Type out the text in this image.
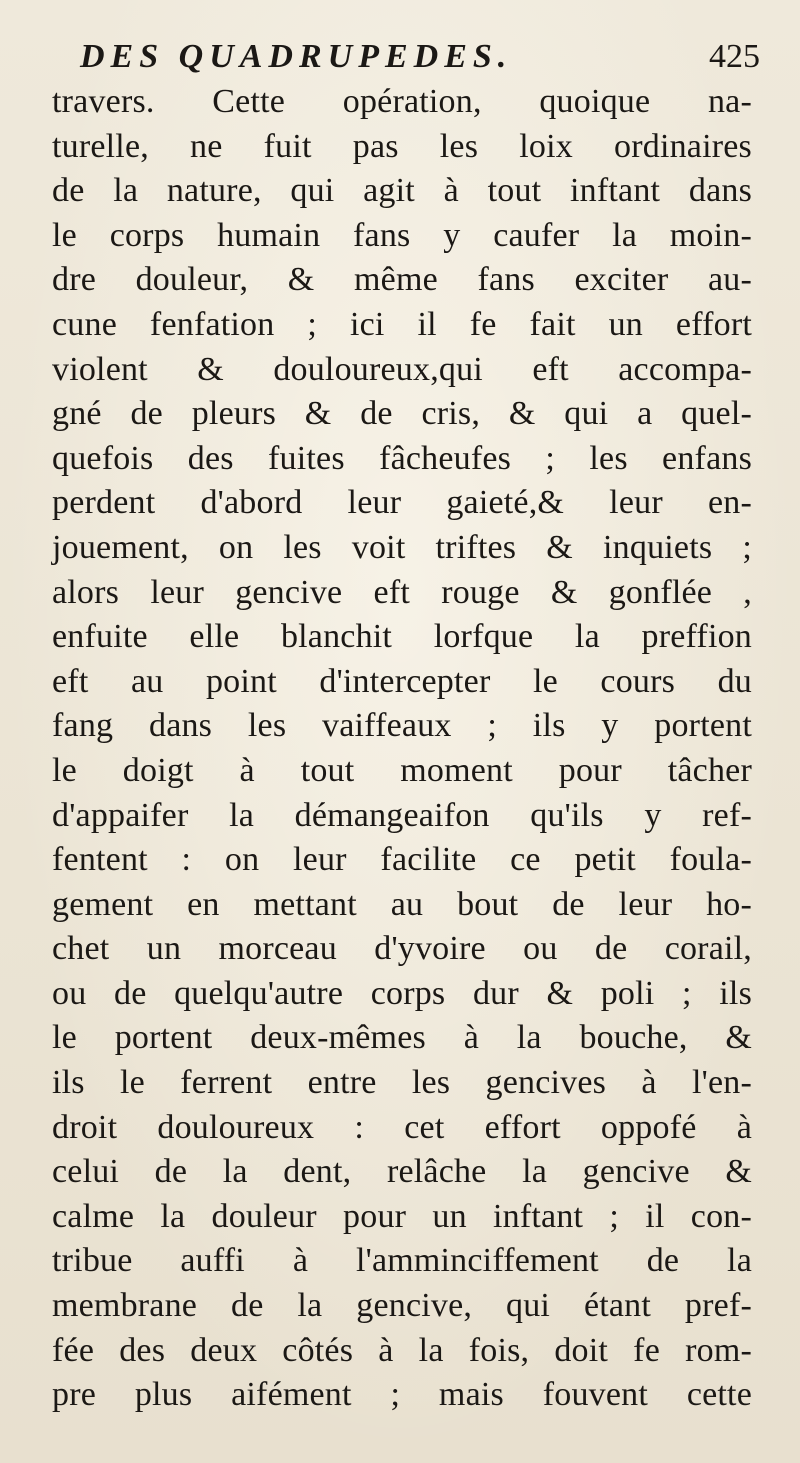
DES QUADRUPEDES.	425
travers. Cette opération, quoique na-
turelle, ne fuit pas les loix ordinaires
de la nature, qui agit à tout inftant dans
le corps humain fans y caufer la moin-
dre douleur, & même fans exciter au-
cune fenfation ; ici il fe fait un effort
violent & douloureux,qui eft accompa-
gné de pleurs & de cris, & qui a quel-
quefois des fuites fâcheufes ; les enfans
perdent d'abord leur gaieté,& leur en-
jouement, on les voit triftes & inquiets ;
alors leur gencive eft rouge & gonflée ,
enfuite elle blanchit lorfque la preffion
eft au point d'intercepter le cours du
fang dans les vaiffeaux ; ils y portent
le doigt à tout moment pour tâcher
d'appaifer la démangeaifon qu'ils y ref-
fentent : on leur facilite ce petit foula-
gement en mettant au bout de leur ho-
chet un morceau d'yvoire ou de corail,
ou de quelqu'autre corps dur & poli ; ils
le portent deux-mêmes à la bouche, &
ils le ferrent entre les gencives à l'en-
droit douloureux : cet effort oppofé à
celui de la dent, relâche la gencive &
calme la douleur pour un inftant ; il con-
tribue auffi à l'amminciffement de la
membrane de la gencive, qui étant pref-
fée des deux côtés à la fois, doit fe rom-
pre plus aifément ; mais fouvent cette
